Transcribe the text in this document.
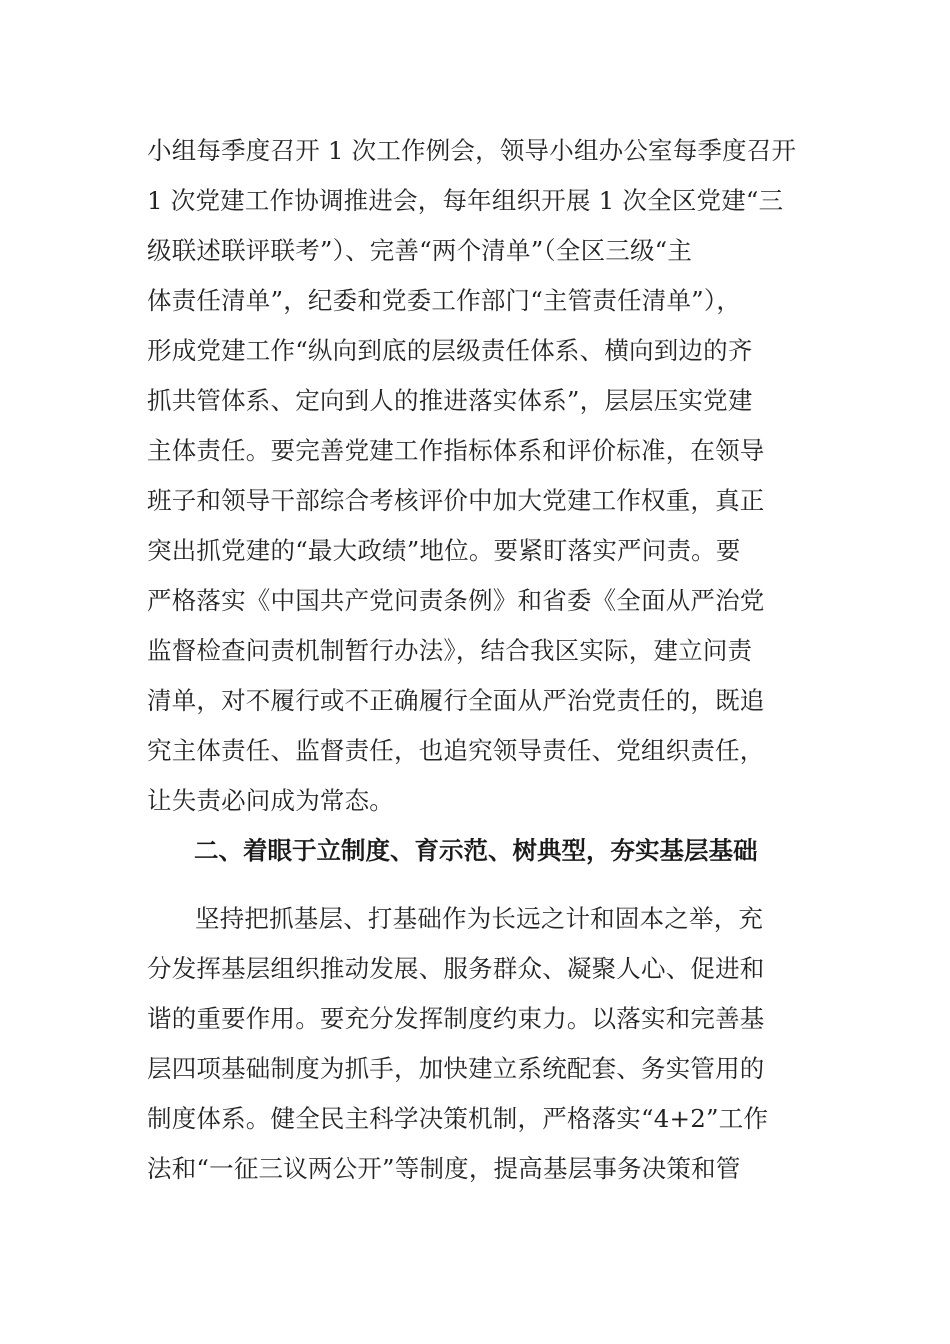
小组每季度召开 1 次工作例会，领导小组办公室每季度召开
1 次党建工作协调推进会，每年组织开展 1 次全区党建“三
级联述联评联考”）、完善“两个清单”（全区三级“主
体责任清单”，纪委和党委工作部门“主管责任清单”），
形成党建工作“纵向到底的层级责任体系、横向到边的齐
抓共管体系、定向到人的推进落实体系”，层层压实党建
主体责任。要完善党建工作指标体系和评价标准，在领导
班子和领导干部综合考核评价中加大党建工作权重，真正
突出抓党建的“最大政绩”地位。要紧盯落实严问责。要
严格落实《中国共产党问责条例》和省委《全面从严治党
监督检查问责机制暂行办法》，结合我区实际，建立问责
清单，对不履行或不正确履行全面从严治党责任的，既追
究主体责任、监督责任，也追究领导责任、党组织责任，
让失责必问成为常态。
二、着眼于立制度、育示范、树典型，夯实基层基础
坚持把抓基层、打基础作为长远之计和固本之举，充
分发挥基层组织推动发展、服务群众、凝聚人心、促进和
谐的重要作用。要充分发挥制度约束力。以落实和完善基
层四项基础制度为抓手，加快建立系统配套、务实管用的
制度体系。健全民主科学决策机制，严格落实“4+2”工作
法和“一征三议两公开”等制度，提高基层事务决策和管
